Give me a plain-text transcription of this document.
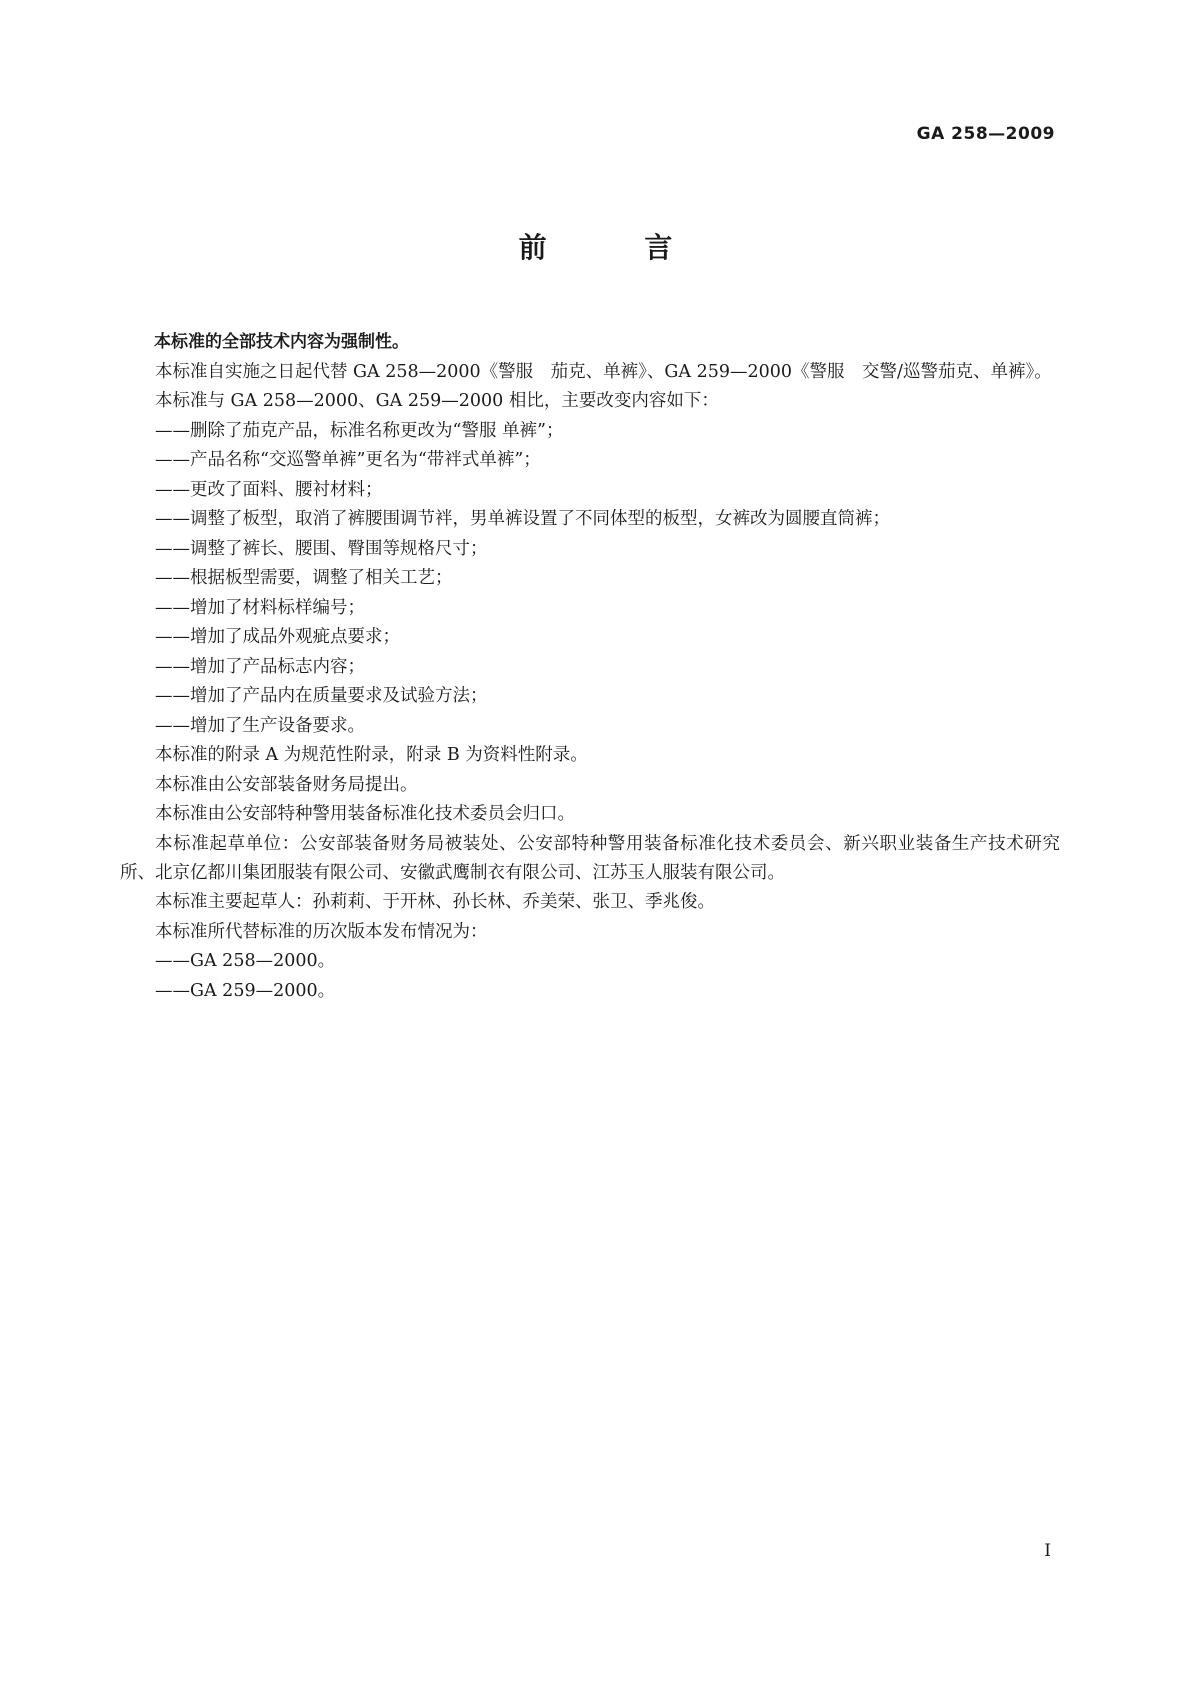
GA 258—2009
前 言

本标准的全部技术内容为强制性。

本标准自实施之日起代替 GA 258—2000《警服　茄克、单裤》、GA 259—2000《警服　交警/巡警茄克、单裤》。

本标准与 GA 258—2000、GA 259—2000 相比，主要改变内容如下：

——删除了茄克产品，标准名称更改为“警服 单裤”；

——产品名称“交巡警单裤”更名为“带袢式单裤”；

——更改了面料、腰衬材料；

——调整了板型，取消了裤腰围调节袢，男单裤设置了不同体型的板型，女裤改为圆腰直筒裤；

——调整了裤长、腰围、臀围等规格尺寸；

——根据板型需要，调整了相关工艺；

——增加了材料标样编号；

——增加了成品外观疵点要求；

——增加了产品标志内容；

——增加了产品内在质量要求及试验方法；

——增加了生产设备要求。

本标准的附录 A 为规范性附录，附录 B 为资料性附录。

本标准由公安部装备财务局提出。

本标准由公安部特种警用装备标准化技术委员会归口。

本标准起草单位：公安部装备财务局被装处、公安部特种警用装备标准化技术委员会、新兴职业装备生产技术研究所、北京亿都川集团服装有限公司、安徽武鹰制衣有限公司、江苏玉人服装有限公司。

本标准主要起草人：孙莉莉、于开林、孙长林、乔美荣、张卫、季兆俊。

本标准所代替标准的历次版本发布情况为：

——GA 258—2000。

——GA 259—2000。

I
